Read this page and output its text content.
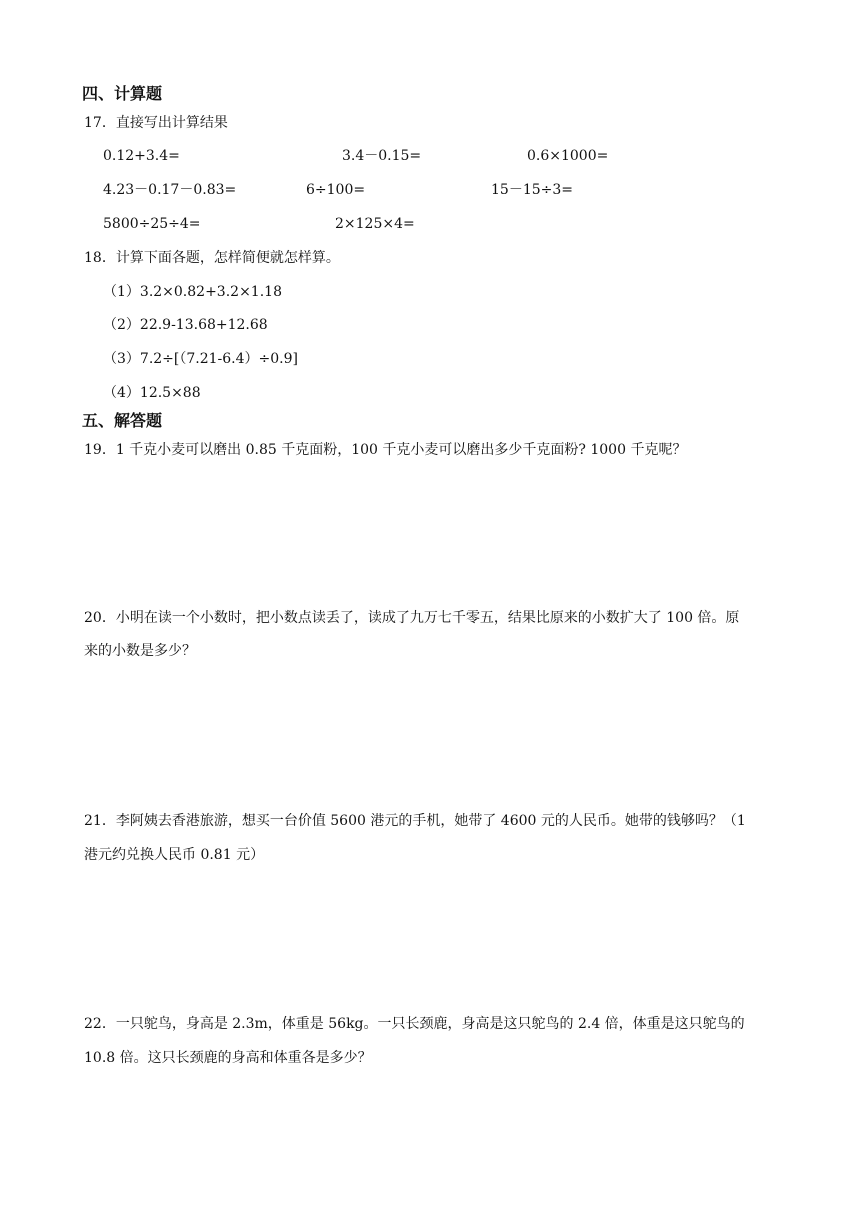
四、计算题
17．直接写出计算结果
0.12+3.4=	3.4－0.15=	0.6×1000=
4.23－0.17－0.83=	6÷100=	15－15÷3=
5800÷25÷4=	2×125×4=
18．计算下面各题，怎样简便就怎样算。
（1）3.2×0.82+3.2×1.18
（2）22.9-13.68+12.68
（3）7.2÷[（7.21-6.4）÷0.9]
（4）12.5×88
五、解答题
19．1 千克小麦可以磨出 0.85 千克面粉，100 千克小麦可以磨出多少千克面粉? 1000 千克呢？
20．小明在读一个小数时，把小数点读丢了，读成了九万七千零五，结果比原来的小数扩大了 100 倍。原
来的小数是多少？
21．李阿姨去香港旅游，想买一台价值 5600 港元的手机，她带了 4600 元的人民币。她带的钱够吗？（1
港元约兑换人民币 0.81 元）
22．一只鸵鸟，身高是 2.3m，体重是 56kg。一只长颈鹿，身高是这只鸵鸟的 2.4 倍，体重是这只鸵鸟的
10.8 倍。这只长颈鹿的身高和体重各是多少？
